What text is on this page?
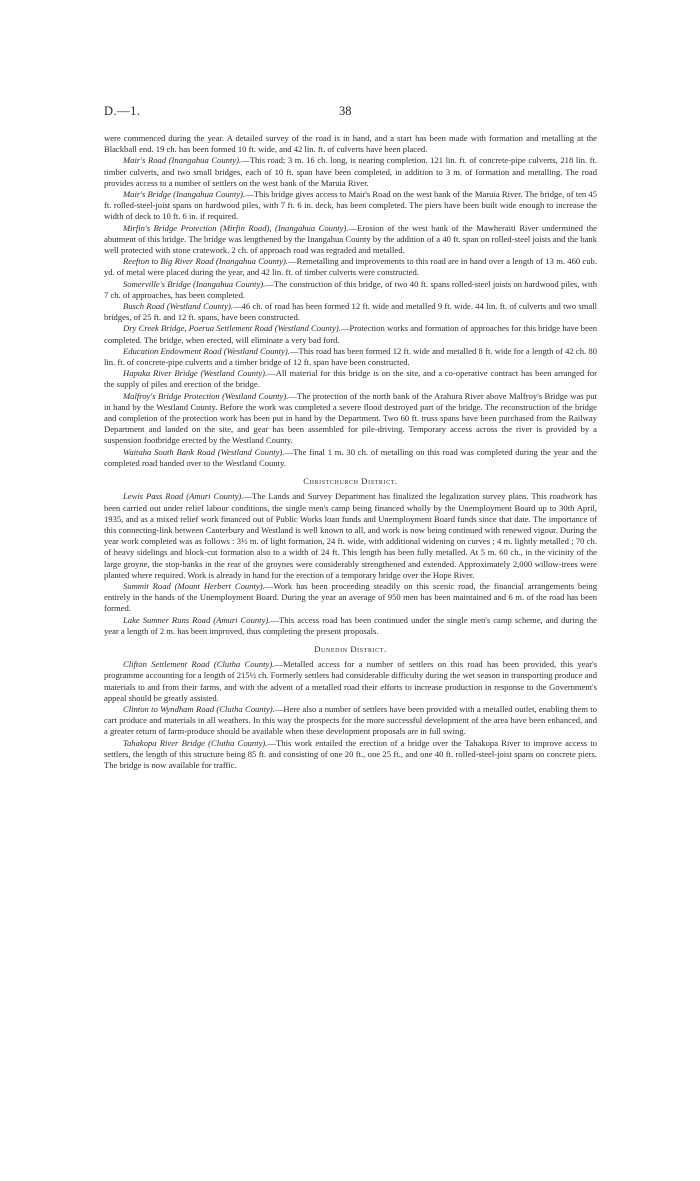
D.—1.	38

were commenced during the year. A detailed survey of the road is in hand, and a start has been made with formation and metalling at the Blackball end. 19 ch. has been formed 10 ft. wide, and 42 lin. ft. of culverts have been placed.

Mair's Road (Inangahua County).—This road; 3 m. 16 ch. long, is nearing completion. 121 lin. ft. of concrete-pipe culverts, 218 lin. ft. timber culverts, and two small bridges, each of 10 ft. span have been completed, in addition to 3 m. of formation and metalling. The road provides access to a number of settlers on the west bank of the Maruia River.

Mair's Bridge (Inangahua County).—This bridge gives access to Mair's Road on the west bank of the Maruia River. The bridge, of ten 45 ft. rolled-steel-joist spans on hardwood piles, with 7 ft. 6 in. deck, has been completed. The piers have been built wide enough to increase the width of deck to 10 ft. 6 in. if required.

Mirfin's Bridge Protection (Mirfin Road), (Inangahua County).—Erosion of the west bank of the Mawheraiti River undermined the abutment of this bridge. The bridge was lengthened by the Inangahua County by the addition of a 40 ft. span on rolled-steel joists and the bank well protected with stone cratework. 2 ch. of approach road was regraded and metalled.

Reefton to Big River Road (Inangahua County).—Remetalling and improvements to this road are in hand over a length of 13 m. 460 cub. yd. of metal were placed during the year, and 42 lin. ft. of timber culverts were constructed.

Somerville's Bridge (Inangahua County).—The construction of this bridge, of two 40 ft. spans rolled-steel joists on hardwood piles, with 7 ch. of approaches, has been completed.

Busch Road (Westland County).—46 ch. of road has been formed 12 ft. wide and metalled 9 ft. wide. 44 lin. ft. of culverts and two small bridges, of 25 ft. and 12 ft. spans, have been constructed.

Dry Creek Bridge, Poerua Settlement Road (Westland County).—Protection works and formation of approaches for this bridge have been completed. The bridge, when erected, will eliminate a very bad ford.

Education Endowment Road (Westland County).—This road has been formed 12 ft. wide and metalled 8 ft. wide for a length of 42 ch. 80 lin. ft. of concrete-pipe culverts and a timber bridge of 12 ft. span have been constructed.

Hapuka River Bridge (Westland County).—All material for this bridge is on the site, and a co-operative contract has been arranged for the supply of piles and erection of the bridge.

Malfroy's Bridge Protection (Westland County).—The protection of the north bank of the Arahura River above Malfroy's Bridge was put in hand by the Westland County. Before the work was completed a severe flood destroyed part of the bridge. The reconstruction of the bridge and completion of the protection work has been put in hand by the Department. Two 60 ft. truss spans have been purchased from the Railway Department and landed on the site, and gear has been assembled for pile-driving. Temporary access across the river is provided by a suspension footbridge erected by the Westland County.

Waitaha South Bank Road (Westland County).—The final 1 m. 30 ch. of metalling on this road was completed during the year and the completed road handed over to the Westland County.

Christchurch District.

Lewis Pass Road (Amuri County).—The Lands and Survey Department has finalized the legalization survey plans. This roadwork has been carried out under relief labour conditions, the single men's camp being financed wholly by the Unemployment Board up to 30th April, 1935, and as a mixed relief work financed out of Public Works loan funds and Unemployment Board funds since that date. The importance of this connecting-link between Canterbury and Westland is well known to all, and work is now being continued with renewed vigour. During the year work completed was as follows : 3½ m. of light formation, 24 ft. wide, with additional widening on curves ; 4 m. lightly metalled ; 70 ch. of heavy sidelings and block-cut formation also to a width of 24 ft. This length has been fully metalled. At 5 m. 60 ch., in the vicinity of the large groyne, the stop-banks in the rear of the groynes were considerably strengthened and extended. Approximately 2,000 willow-trees were planted where required. Work is already in hand for the erection of a temporary bridge over the Hope River.

Summit Road (Mount Herbert County).—Work has been proceeding steadily on this scenic road, the financial arrangements being entirely in the hands of the Unemployment Board. During the year an average of 950 men has been maintained and 6 m. of the road has been formed.

Lake Sumner Runs Road (Amuri County).—This access road has been continued under the single men's camp scheme, and during the year a length of 2 m. has been improved, thus completing the present proposals.

Dunedin District.

Clifton Settlement Road (Clutha County).—Metalled access for a number of settlers on this road has been provided, this year's programme accounting for a length of 215½ ch. Formerly settlers had considerable difficulty during the wet season in transporting produce and materials to and from their farms, and with the advent of a metalled road their efforts to increase production in response to the Government's appeal should be greatly assisted.

Clinton to Wyndham Road (Clutha County).—Here also a number of settlers have been provided with a metalled outlet, enabling them to cart produce and materials in all weathers. In this way the prospects for the more successful development of the area have been enhanced, and a greater return of farm-produce should be available when these development proposals are in full swing.

Tahakopa River Bridge (Clutha County).—This work entailed the erection of a bridge over the Tahakopa River to improve access to settlers, the length of this structure being 85 ft. and consisting of one 20 ft., one 25 ft., and one 40 ft. rolled-steel-joist spans on concrete piers. The bridge is now available for traffic.
